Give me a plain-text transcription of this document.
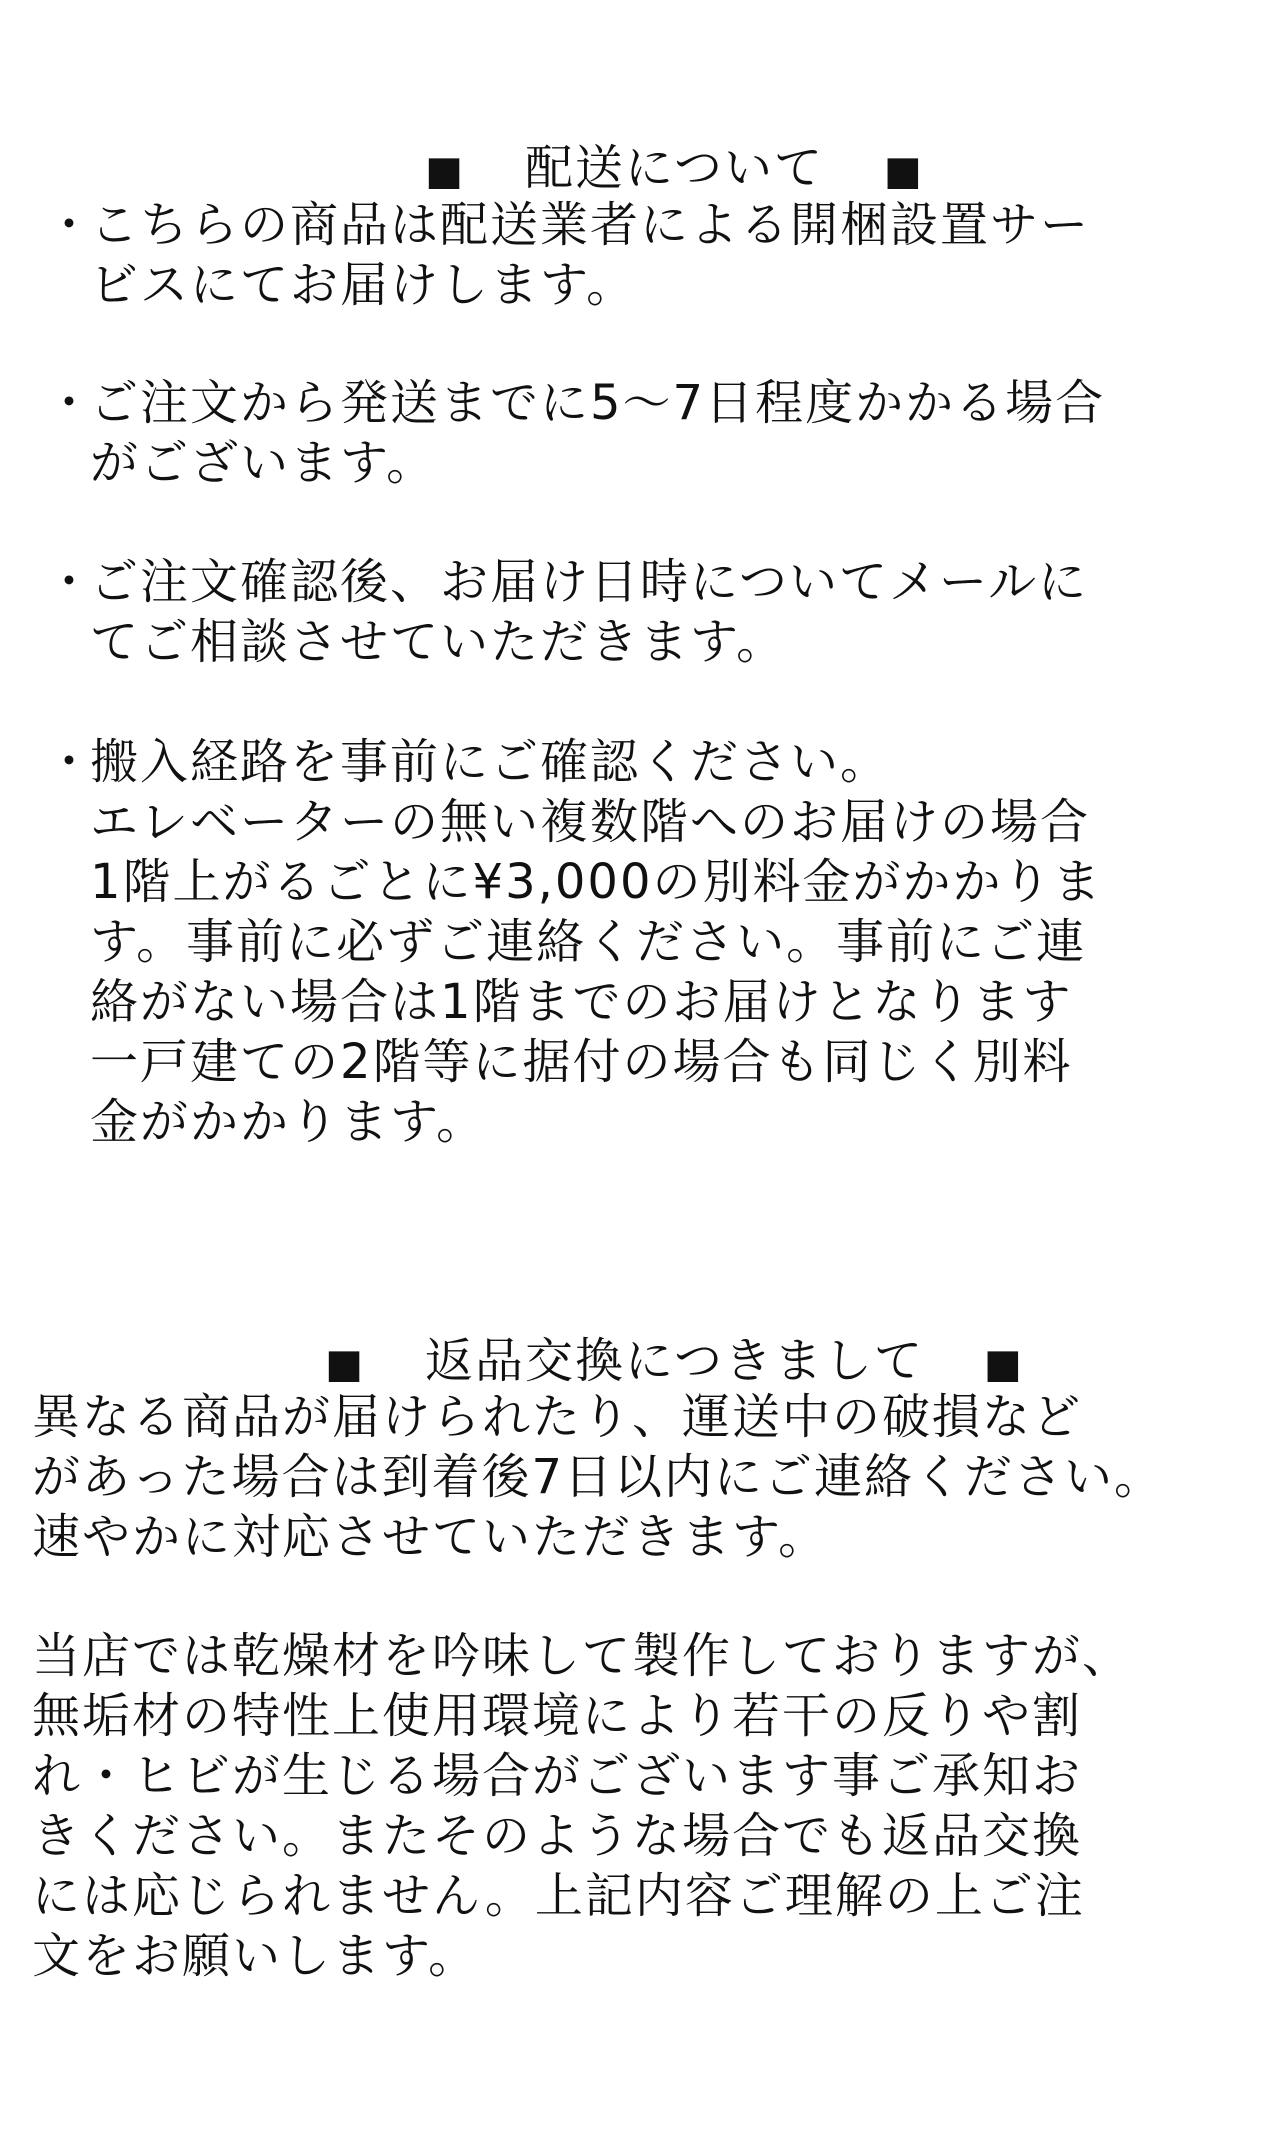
■ 配送について ■

・
こちらの商品は配送業者による開梱設置サー
ビスにてお届けします。
・
ご注文から発送までに5～7日程度かかる場合
がございます。
・
ご注文確認後、お届け日時についてメールに
てご相談させていただきます。
・
搬入経路を事前にご確認ください。
エレベーターの無い複数階へのお届けの場合
1階上がるごとに¥3,000の別料金がかかりま
す。事前に必ずご連絡ください。事前にご連
絡がない場合は1階までのお届けとなります
一戸建ての2階等に据付の場合も同じく別料
金がかかります。

■ 返品交換につきまして ■

異なる商品が届けられたり、運送中の破損など
があった場合は到着後7日以内にご連絡ください。
速やかに対応させていただきます。
当店では乾燥材を吟味して製作しておりますが、
無垢材の特性上使用環境により若干の反りや割
れ・ヒビが生じる場合がございます事ご承知お
きください。またそのような場合でも返品交換
には応じられません。上記内容ご理解の上ご注
文をお願いします。
